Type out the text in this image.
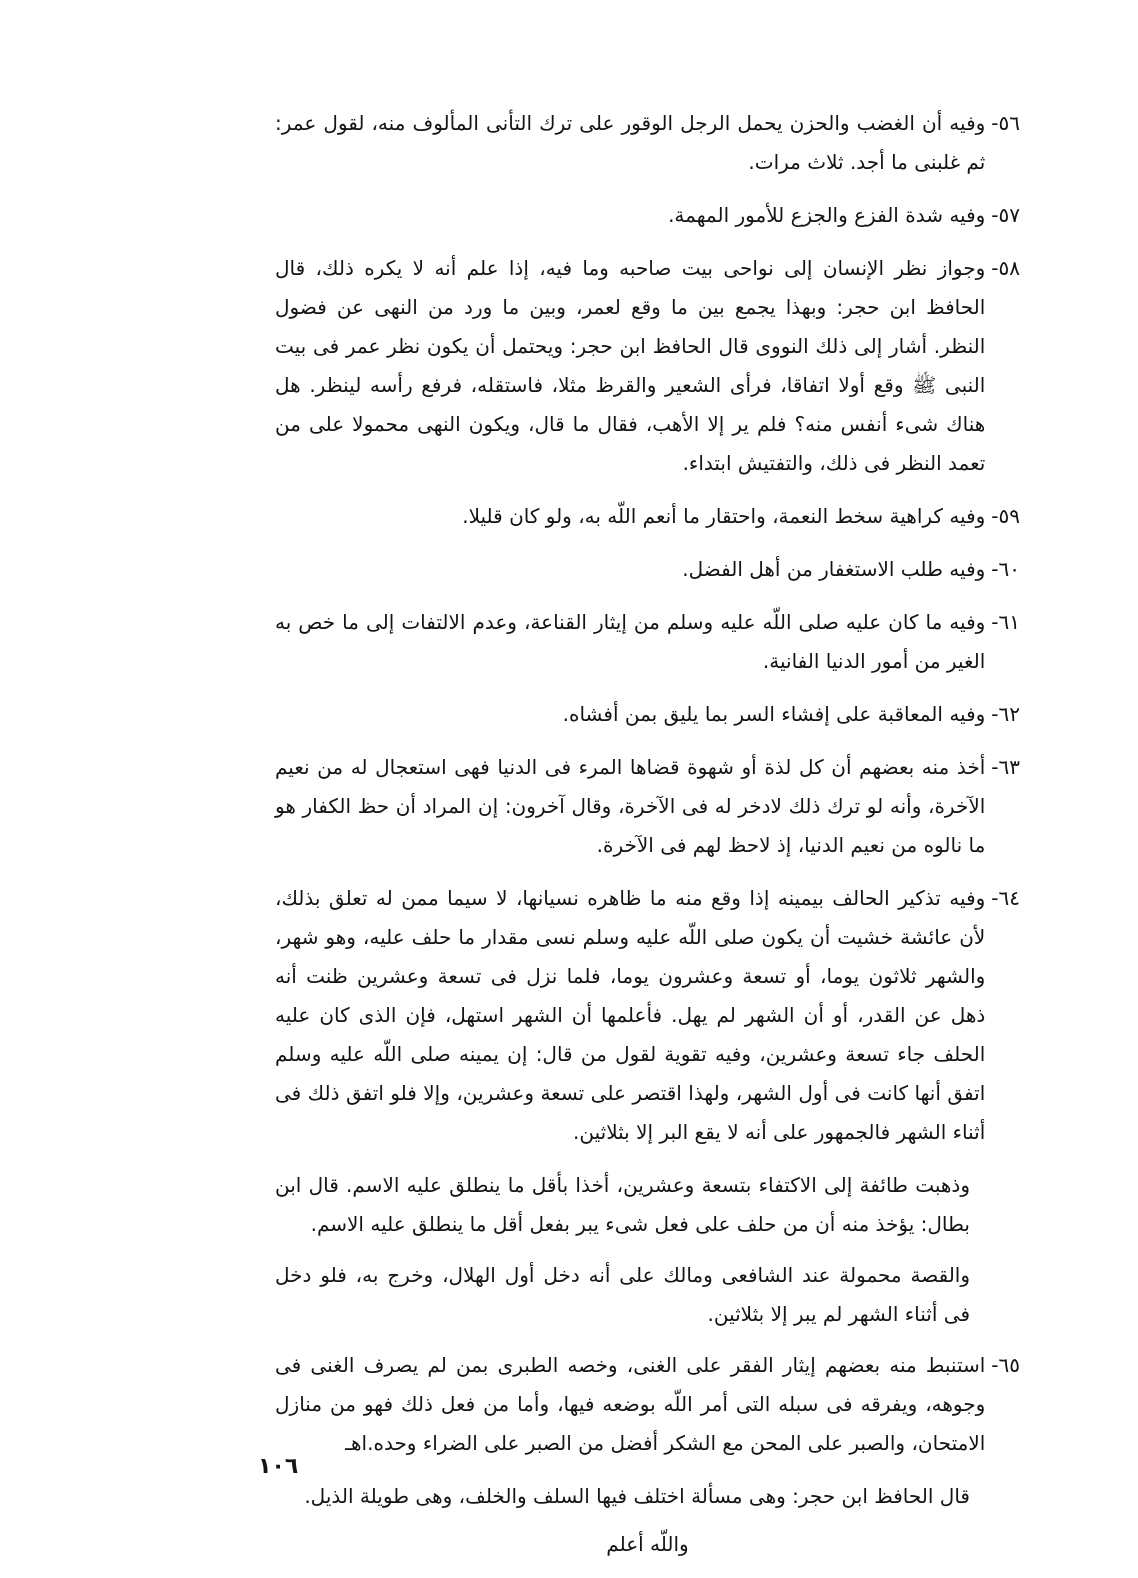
٥٦-
وفيه أن الغضب والحزن يحمل الرجل الوقور على ترك التأنى المألوف منه، لقول عمر: ثم غلبنى ما أجد. ثلاث مرات.
٥٧-
وفيه شدة الفزع والجزع للأمور المهمة.
٥٨-
وجواز نظر الإنسان إلى نواحى بيت صاحبه وما فيه، إذا علم أنه لا يكره ذلك، قال الحافظ ابن حجر: وبهذا يجمع بين ما وقع لعمر، وبين ما ورد من النهى عن فضول النظر. أشار إلى ذلك النووى قال الحافظ ابن حجر: ويحتمل أن يكون نظر عمر فى بيت النبى ﷺ وقع أولا اتفاقا، فرأى الشعير والقرظ مثلا، فاستقله، فرفع رأسه لينظر. هل هناك شىء أنفس منه؟ فلم ير إلا الأهب، فقال ما قال، ويكون النهى محمولا على من تعمد النظر فى ذلك، والتفتيش ابتداء.
٥٩-
وفيه كراهية سخط النعمة، واحتقار ما أنعم اللّه به، ولو كان قليلا.
٦٠-
وفيه طلب الاستغفار من أهل الفضل.
٦١-
وفيه ما كان عليه صلى اللّه عليه وسلم من إيثار القناعة، وعدم الالتفات إلى ما خص به الغير من أمور الدنيا الفانية.
٦٢-
وفيه المعاقبة على إفشاء السر بما يليق بمن أفشاه.
٦٣-
أخذ منه بعضهم أن كل لذة أو شهوة قضاها المرء فى الدنيا فهى استعجال له من نعيم الآخرة، وأنه لو ترك ذلك لادخر له فى الآخرة، وقال آخرون: إن المراد أن حظ الكفار هو ما نالوه من نعيم الدنيا، إذ لاحظ لهم فى الآخرة.
٦٤-
وفيه تذكير الحالف بيمينه إذا وقع منه ما ظاهره نسيانها، لا سيما ممن له تعلق بذلك، لأن عائشة خشيت أن يكون صلى اللّه عليه وسلم نسى مقدار ما حلف عليه، وهو شهر، والشهر ثلاثون يوما، أو تسعة وعشرون يوما، فلما نزل فى تسعة وعشرين ظنت أنه ذهل عن القدر، أو أن الشهر لم يهل. فأعلمها أن الشهر استهل، فإن الذى كان عليه الحلف جاء تسعة وعشرين، وفيه تقوية لقول من قال: إن يمينه صلى اللّه عليه وسلم اتفق أنها كانت فى أول الشهر، ولهذا اقتصر على تسعة وعشرين، وإلا فلو اتفق ذلك فى أثناء الشهر فالجمهور على أنه لا يقع البر إلا بثلاثين.

وذهبت طائفة إلى الاكتفاء بتسعة وعشرين، أخذا بأقل ما ينطلق عليه الاسم. قال ابن بطال: يؤخذ منه أن من حلف على فعل شىء يبر بفعل أقل ما ينطلق عليه الاسم.

والقصة محمولة عند الشافعى ومالك على أنه دخل أول الهلال، وخرج به، فلو دخل فى أثناء الشهر لم يبر إلا بثلاثين.

٦٥-
استنبط منه بعضهم إيثار الفقر على الغنى، وخصه الطبرى بمن لم يصرف الغنى فى وجوهه، ويفرقه فى سبله التى أمر اللّه بوضعه فيها، وأما من فعل ذلك فهو من منازل الامتحان، والصبر على المحن مع الشكر أفضل من الصبر على الضراء وحده.اهـ

قال الحافظ ابن حجر: وهى مسألة اختلف فيها السلف والخلف، وهى طويلة الذيل.

واللّه أعلم

١٠٦
